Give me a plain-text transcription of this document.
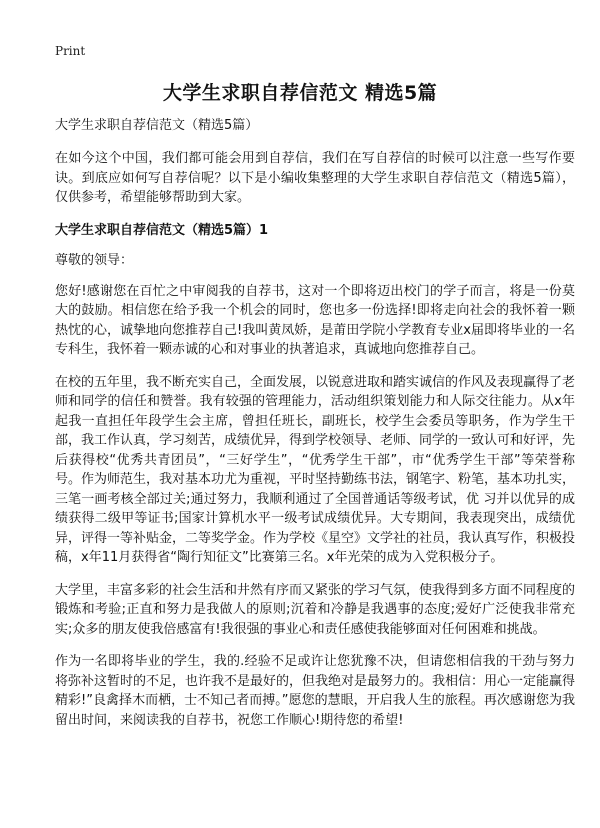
Print
大学生求职自荐信范文 精选5篇

大学生求职自荐信范文（精选5篇）

在如今这个中国，我们都可能会用到自荐信，我们在写自荐信的时候可以注意一些写作要诀。到底应如何写自荐信呢？以下是小编收集整理的大学生求职自荐信范文（精选5篇），仅供参考，希望能够帮助到大家。

大学生求职自荐信范文（精选5篇）1

尊敬的领导：

您好!感谢您在百忙之中审阅我的自荐书，这对一个即将迈出校门的学子而言，将是一份莫大的鼓励。相信您在给予我一个机会的同时，您也多一份选择!即将走向社会的我怀着一颗热忱的心，诚挚地向您推荐自己!我叫黄凤娇，是莆田学院小学教育专业x届即将毕业的一名专科生，我怀着一颗赤诚的心和对事业的执著追求，真诚地向您推荐自己。

在校的五年里，我不断充实自己，全面发展，以锐意进取和踏实诚信的作风及表现赢得了老师和同学的信任和赞誉。我有较强的管理能力，活动组织策划能力和人际交往能力。从x年起我一直担任年段学生会主席，曾担任班长，副班长，校学生会委员等职务，作为学生干部，我工作认真，学习刻苦，成绩优异，得到学校领导、老师、同学的一致认可和好评，先后获得校“优秀共青团员”，“三好学生”，“优秀学生干部”，市“优秀学生干部”等荣誉称号。作为师范生，我对基本功尤为重视，平时坚持勤练书法，钢笔字、粉笔，基本功扎实，三笔一画考核全部过关;通过努力，我顺利通过了全国普通话等级考试，优 习并以优异的成绩获得二级甲等证书;国家计算机水平一级考试成绩优异。大专期间，我表现突出，成绩优异，评得一等补贴金，二等奖学金。作为学校《星空》文学社的社员，我认真写作，积极投稿，x年11月获得省“陶行知征文”比赛第三名。x年光荣的成为入党积极分子。

大学里，丰富多彩的社会生活和井然有序而又紧张的学习气氛，使我得到多方面不同程度的锻炼和考验;正直和努力是我做人的原则;沉着和冷静是我遇事的态度;爱好广泛使我非常充实;众多的朋友使我倍感富有!我很强的事业心和责任感使我能够面对任何困难和挑战。

作为一名即将毕业的学生，我的.经验不足或许让您犹豫不决，但请您相信我的干劲与努力将弥补这暂时的不足，也许我不是最好的，但我绝对是最努力的。我相信：用心一定能赢得精彩!”良禽择木而栖，士不知己者而搏。”愿您的慧眼，开启我人生的旅程。再次感谢您为我留出时间，来阅读我的自荐书，祝您工作顺心!期待您的希望!
